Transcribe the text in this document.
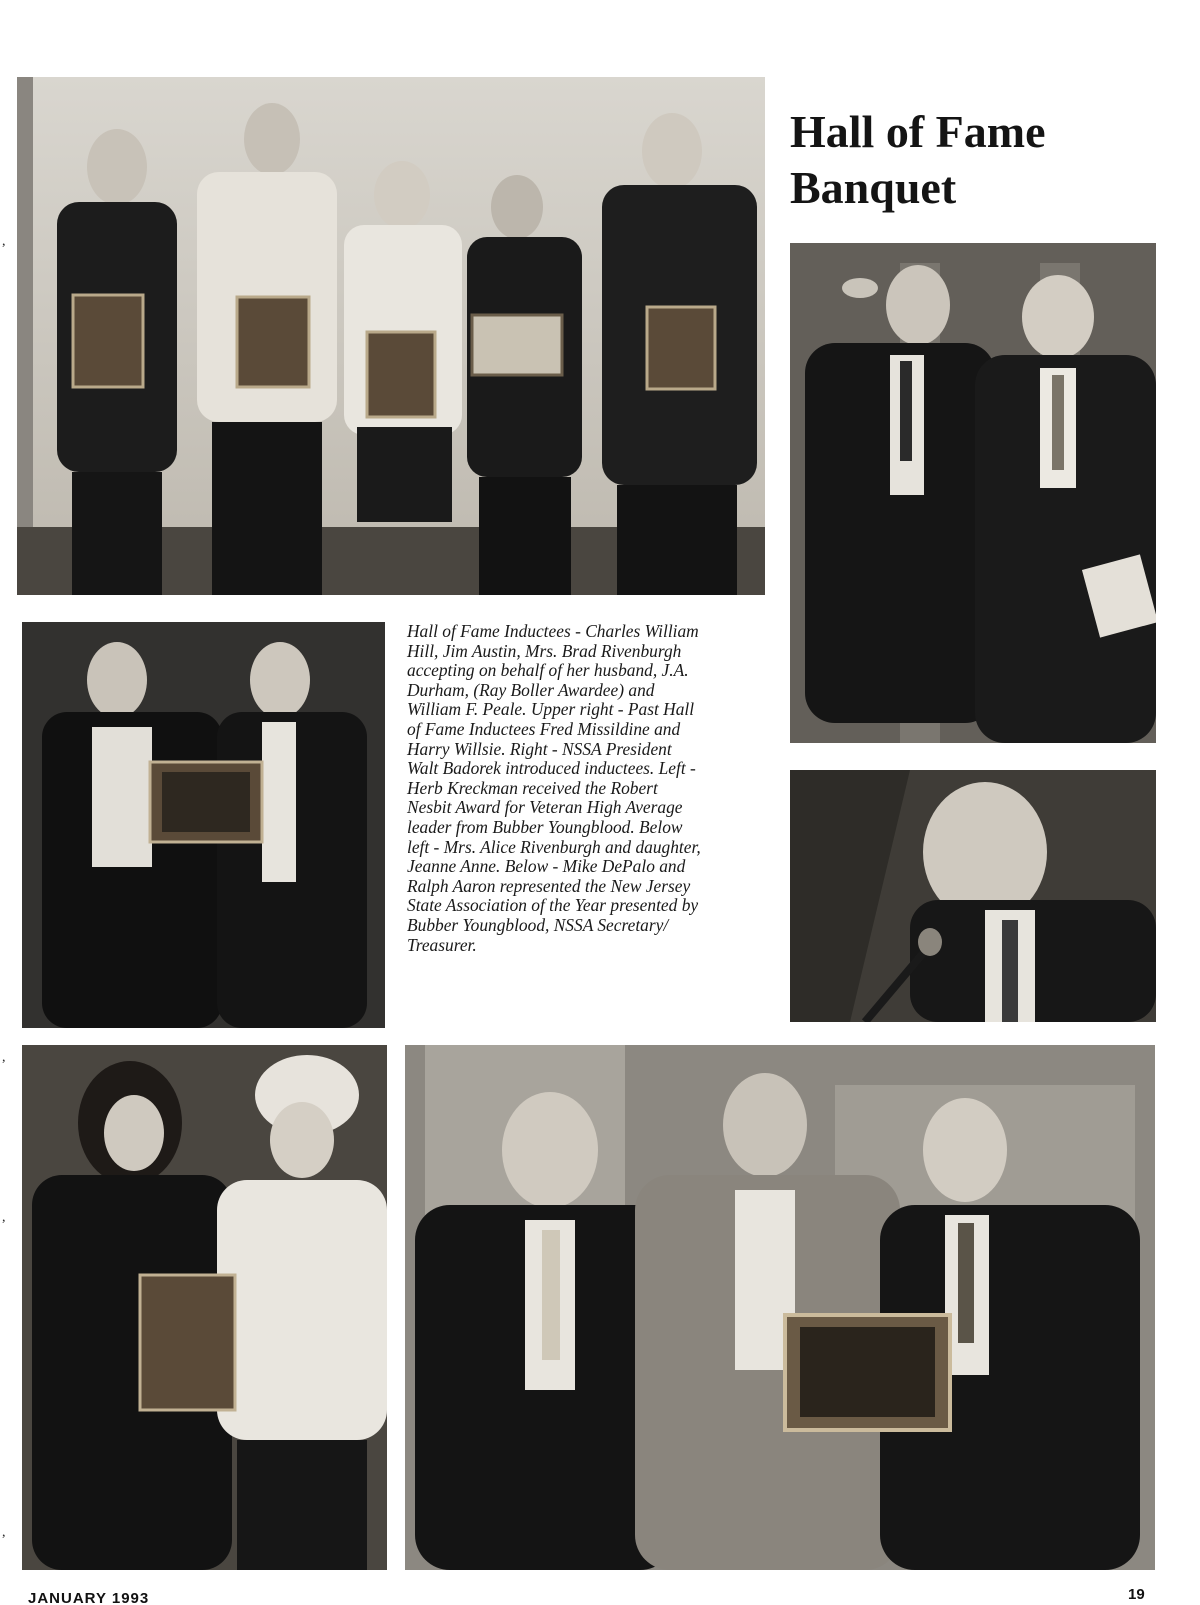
Hall of Fame
Banquet

Hall of Fame Inductees - Charles William
Hill, Jim Austin, Mrs. Brad Rivenburgh
accepting on behalf of her husband, J.A.
Durham, (Ray Boller Awardee) and
William F. Peale. Upper right - Past Hall
of Fame Inductees Fred Missildine and
Harry Willsie. Right - NSSA President
Walt Badorek introduced inductees. Left -
Herb Kreckman received the Robert
Nesbit Award for Veteran High Average
leader from Bubber Youngblood. Below
left - Mrs. Alice Rivenburgh and daughter,
Jeanne Anne. Below - Mike DePalo and
Ralph Aaron represented the New Jersey
State Association of the Year presented by
Bubber Youngblood, NSSA Secretary/
Treasurer.

,
,
,
,
JANUARY 1993	19
